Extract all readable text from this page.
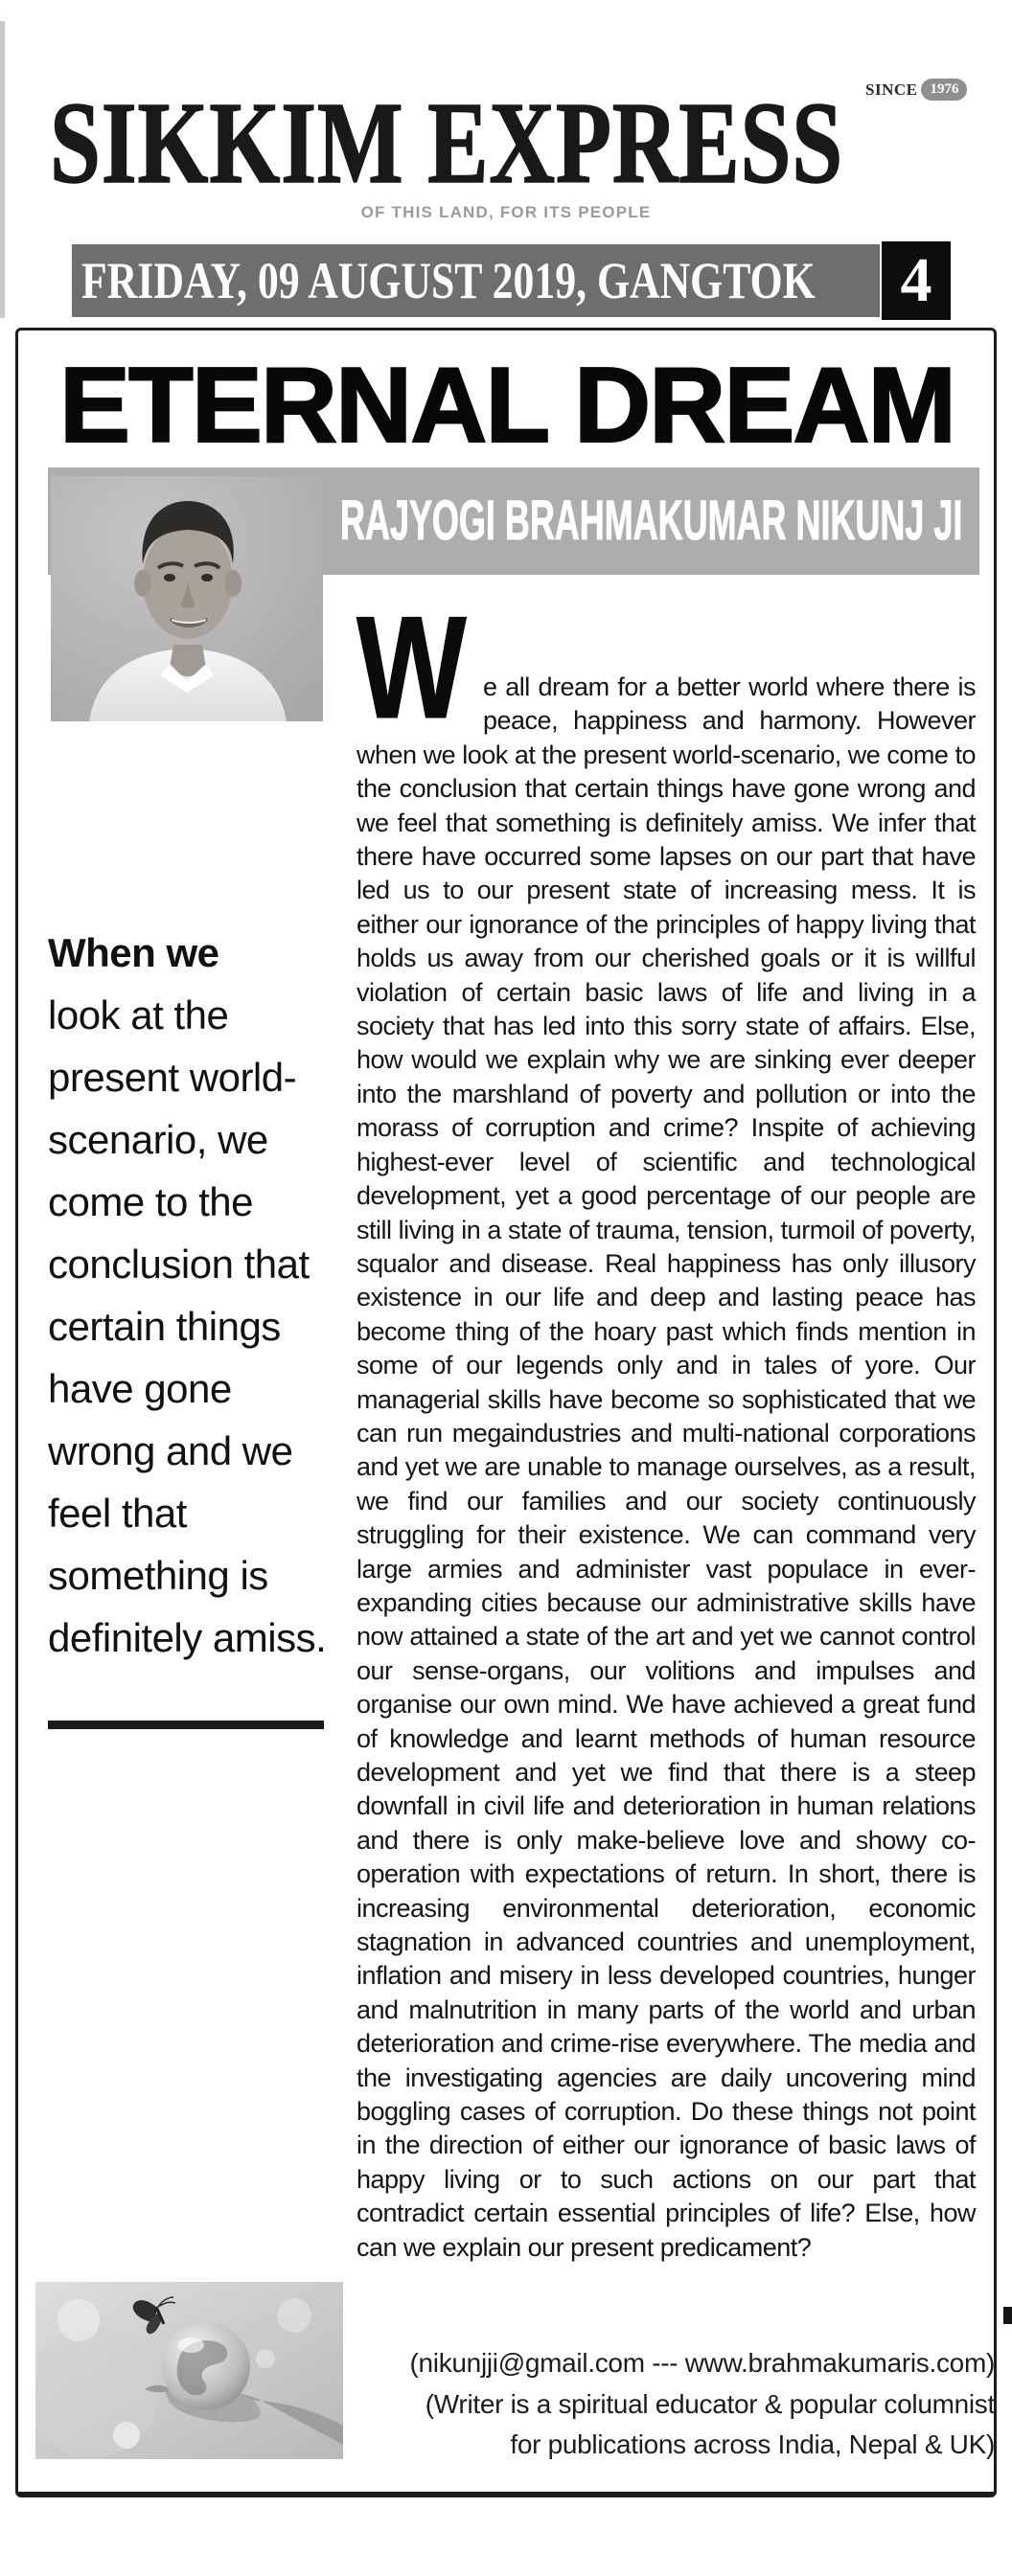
SIKKIM EXPRESS SINCE 1976
OF THIS LAND, FOR ITS PEOPLE
FRIDAY, 09 AUGUST 2019, GANGTOK 4
ETERNAL DREAM
RAJYOGI BRAHMAKUMAR NIKUNJ JI
When we
look at the present world-scenario, we come to the conclusion that certain things have gone wrong and we feel that something is definitely amiss.
W e all dream for a better world where there is peace, happiness and harmony. However when we look at the present world-scenario, we come to the conclusion that certain things have gone wrong and we feel that something is definitely amiss. We infer that there have occurred some lapses on our part that have led us to our present state of increasing mess. It is either our ignorance of the principles of happy living that holds us away from our cherished goals or it is willful violation of certain basic laws of life and living in a society that has led into this sorry state of affairs. Else, how would we explain why we are sinking ever deeper into the marshland of poverty and pollution or into the morass of corruption and crime? Inspite of achieving highest-ever level of scientific and technological development, yet a good percentage of our people are still living in a state of trauma, tension, turmoil of poverty, squalor and disease. Real happiness has only illusory existence in our life and deep and lasting peace has become thing of the hoary past which finds mention in some of our legends only and in tales of yore. Our managerial skills have become so sophisticated that we can run megaindustries and multi-national corporations and yet we are unable to manage ourselves, as a result, we find our families and our society continuously struggling for their existence. We can command very large armies and administer vast populace in ever-expanding cities because our administrative skills have now attained a state of the art and yet we cannot control our sense-organs, our volitions and impulses and organise our own mind. We have achieved a great fund of knowledge and learnt methods of human resource development and yet we find that there is a steep downfall in civil life and deterioration in human relations and there is only make-believe love and showy co-operation with expectations of return. In short, there is increasing environmental deterioration, economic stagnation in advanced countries and unemployment, inflation and misery in less developed countries, hunger and malnutrition in many parts of the world and urban deterioration and crime-rise everywhere. The media and the investigating agencies are daily uncovering mind boggling cases of corruption. Do these things not point in the direction of either our ignorance of basic laws of happy living or to such actions on our part that contradict certain essential principles of life? Else, how can we explain our present predicament?
(nikunjji@gmail.com --- www.brahmakumaris.com)
(Writer is a spiritual educator & popular columnist
for publications across India, Nepal & UK)
